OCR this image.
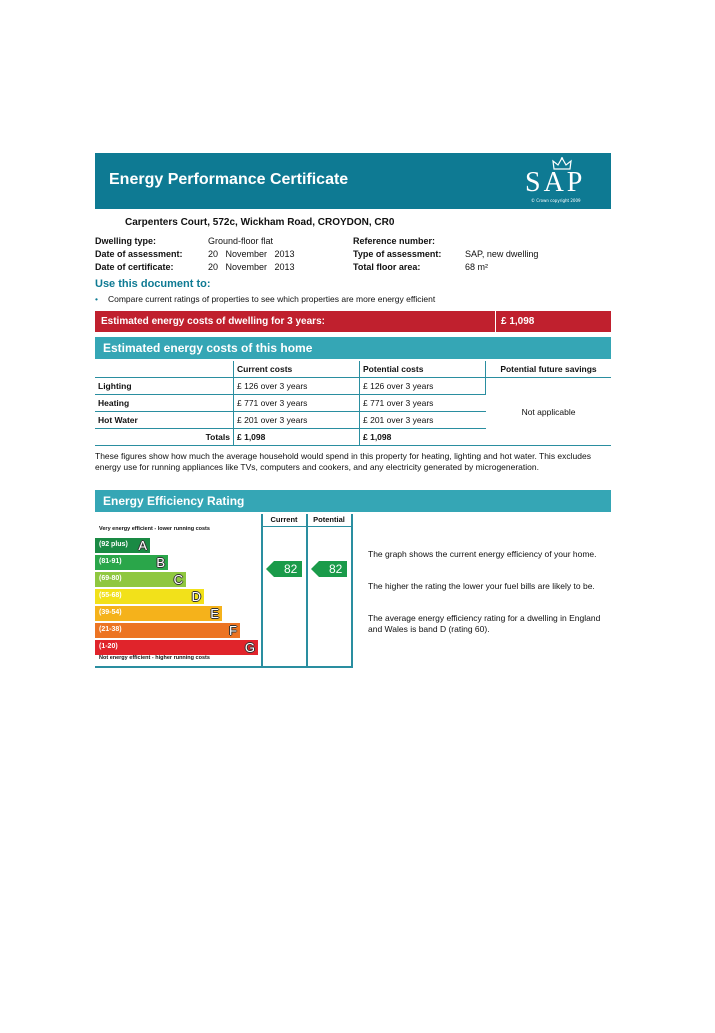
Energy Performance Certificate	SAP
© Crown copyright 2009
Carpenters Court, 572c, Wickham Road, CROYDON, CR0
Dwelling type:	Ground-floor flat
Date of assessment:	20   November   2013
Date of certificate:	20   November   2013
Reference number:
Type of assessment:	SAP, new dwelling
Total floor area:	68 m²
Use this document to:
• Compare current ratings of properties to see which properties are more energy efficient
Estimated energy costs of dwelling for 3 years:	£ 1,098
Estimated energy costs of this home
	Current costs	Potential costs	Potential future savings
Lighting	£ 126 over 3 years	£ 126 over 3 years	Not applicable
Heating	£ 771 over 3 years	£ 771 over 3 years	
Hot Water	£ 201 over 3 years	£ 201 over 3 years	
Totals	£ 1,098	£ 1,098	
These figures show how much the average household would spend in this property for heating, lighting and hot water. This excludes energy use for running appliances like TVs, computers and cookers, and any electricity generated by microgeneration.
Energy Efficiency Rating
Current	Potential
Very energy efficient - lower running costs
(92 plus) A
(81-91)	B
(69-80)	C
(55-68)	D
(39-54)	E
(21-38)	F
(1-20)	G
Not energy efficient - higher running costs
82	82
The graph shows the current energy efficiency of your home.
The higher the rating the lower your fuel bills are likely to be.
The average energy efficiency rating for a dwelling in England and Wales is band D (rating 60).
